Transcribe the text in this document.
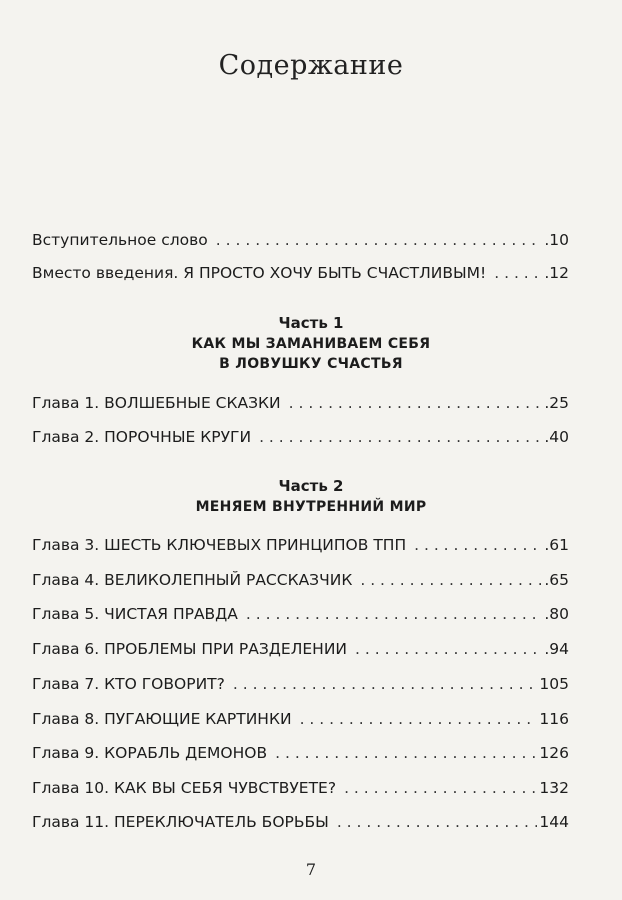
Содержание
Вступительное слово . . .	.10
Вместо введения. Я ПРОСТО ХОЧУ БЫТЬ СЧАСТЛИВЫМ! . . .	.12
Часть 1
КАК МЫ ЗАМАНИВАЕМ СЕБЯ
В ЛОВУШКУ СЧАСТЬЯ
Глава 1. ВОЛШЕБНЫЕ СКАЗКИ . . .	.25
Глава 2. ПОРОЧНЫЕ КРУГИ . . .	.40
Часть 2
МЕНЯЕМ ВНУТРЕННИЙ МИР
Глава 3. ШЕСТЬ КЛЮЧЕВЫХ ПРИНЦИПОВ ТПП . . .	.61
Глава 4. ВЕЛИКОЛЕПНЫЙ РАССКАЗЧИК . . .	.65
Глава 5. ЧИСТАЯ ПРАВДА . . .	.80
Глава 6. ПРОБЛЕМЫ ПРИ РАЗДЕЛЕНИИ . . .	.94
Глава 7. КТО ГОВОРИТ? . . .	105
Глава 8. ПУГАЮЩИЕ КАРТИНКИ . . .	116
Глава 9. КОРАБЛЬ ДЕМОНОВ . . .	126
Глава 10. КАК ВЫ СЕБЯ ЧУВСТВУЕТЕ? . . .	132
Глава 11. ПЕРЕКЛЮЧАТЕЛЬ БОРЬБЫ . . .	144
7
